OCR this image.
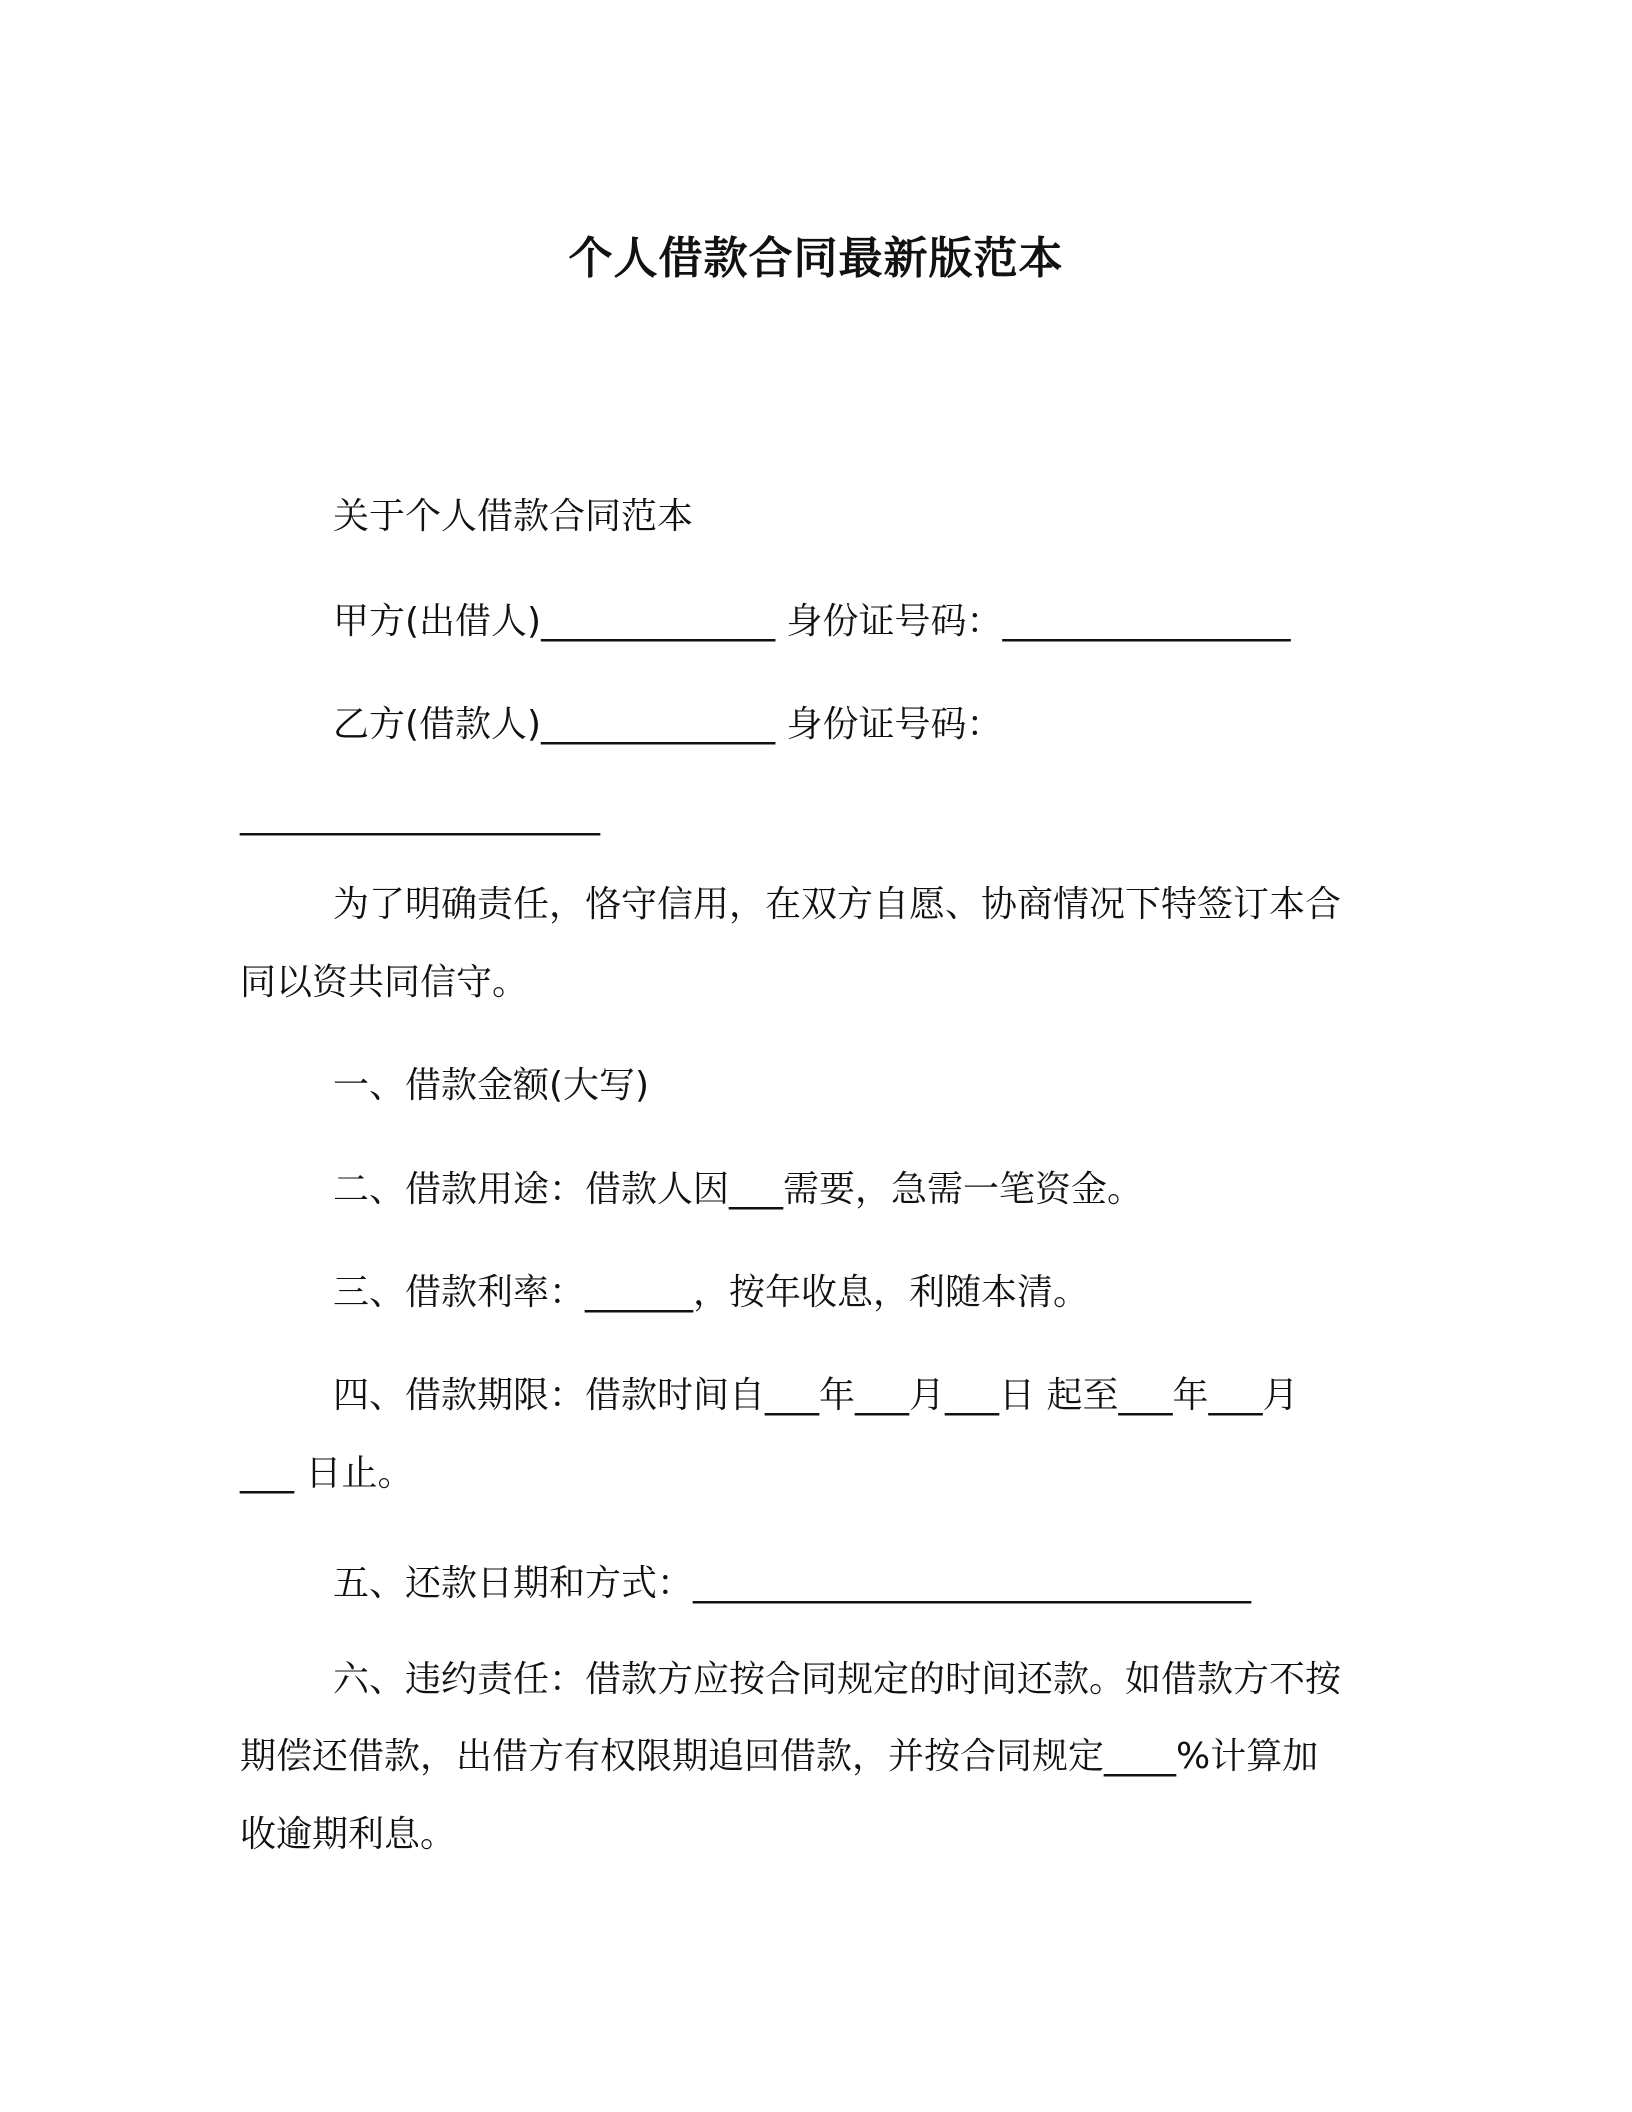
个人借款合同最新版范本
关于个人借款合同范本
甲方(出借人)_____________ 身份证号码：________________
乙方(借款人)_____________ 身份证号码：
____________________
为了明确责任，恪守信用，在双方自愿、协商情况下特签订本合
同以资共同信守。
一、借款金额(大写)
二、借款用途：借款人因___需要，急需一笔资金。
三、借款利率：______，按年收息，利随本清。
四、借款期限：借款时间自___年___月___日 起至___年___月
___ 日止。
五、还款日期和方式：_______________________________
六、违约责任：借款方应按合同规定的时间还款。如借款方不按
期偿还借款，出借方有权限期追回借款，并按合同规定____%计算加
收逾期利息。
